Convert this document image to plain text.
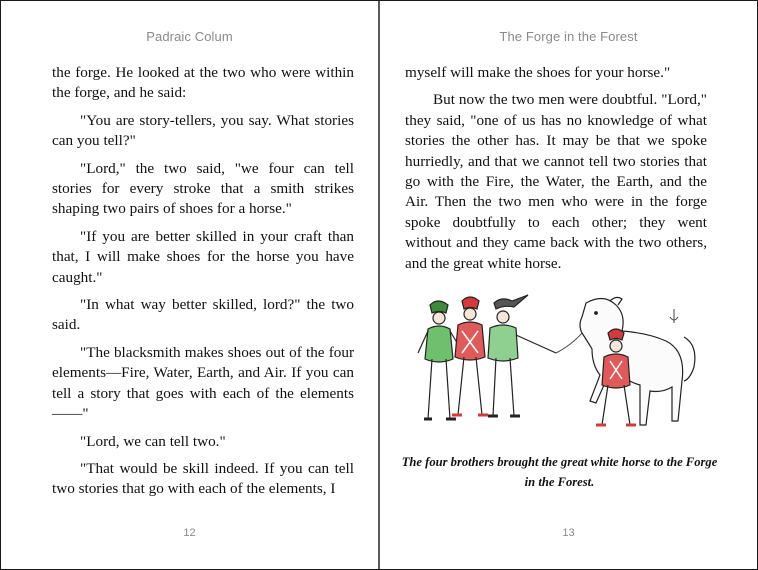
Padraic Colum

the forge. He looked at the two who were within the forge, and he said:

"You are story-tellers, you say. What stories can you tell?"

"Lord," the two said, "we four can tell stories for every stroke that a smith strikes shaping two pairs of shoes for a horse."

"If you are better skilled in your craft than that, I will make shoes for the horse you have caught."

"In what way better skilled, lord?" the two said.

"The blacksmith makes shoes out of the four elements—Fire, Water, Earth, and Air. If you can tell a story that goes with each of the elements——"

"Lord, we can tell two."

"That would be skill indeed. If you can tell two stories that go with each of the elements, I

12
The Forge in the Forest

myself will make the shoes for your horse."

But now the two men were doubtful. "Lord," they said, "one of us has no knowledge of what stories the other has. It may be that we spoke hurriedly, and that we cannot tell two stories that go with the Fire, the Water, the Earth, and the Air. Then the two men who were in the forge spoke doubtfully to each other; they went without and they came back with the two others, and the great white horse.

The four brothers brought the great white horse to the Forge in the Forest.
13
